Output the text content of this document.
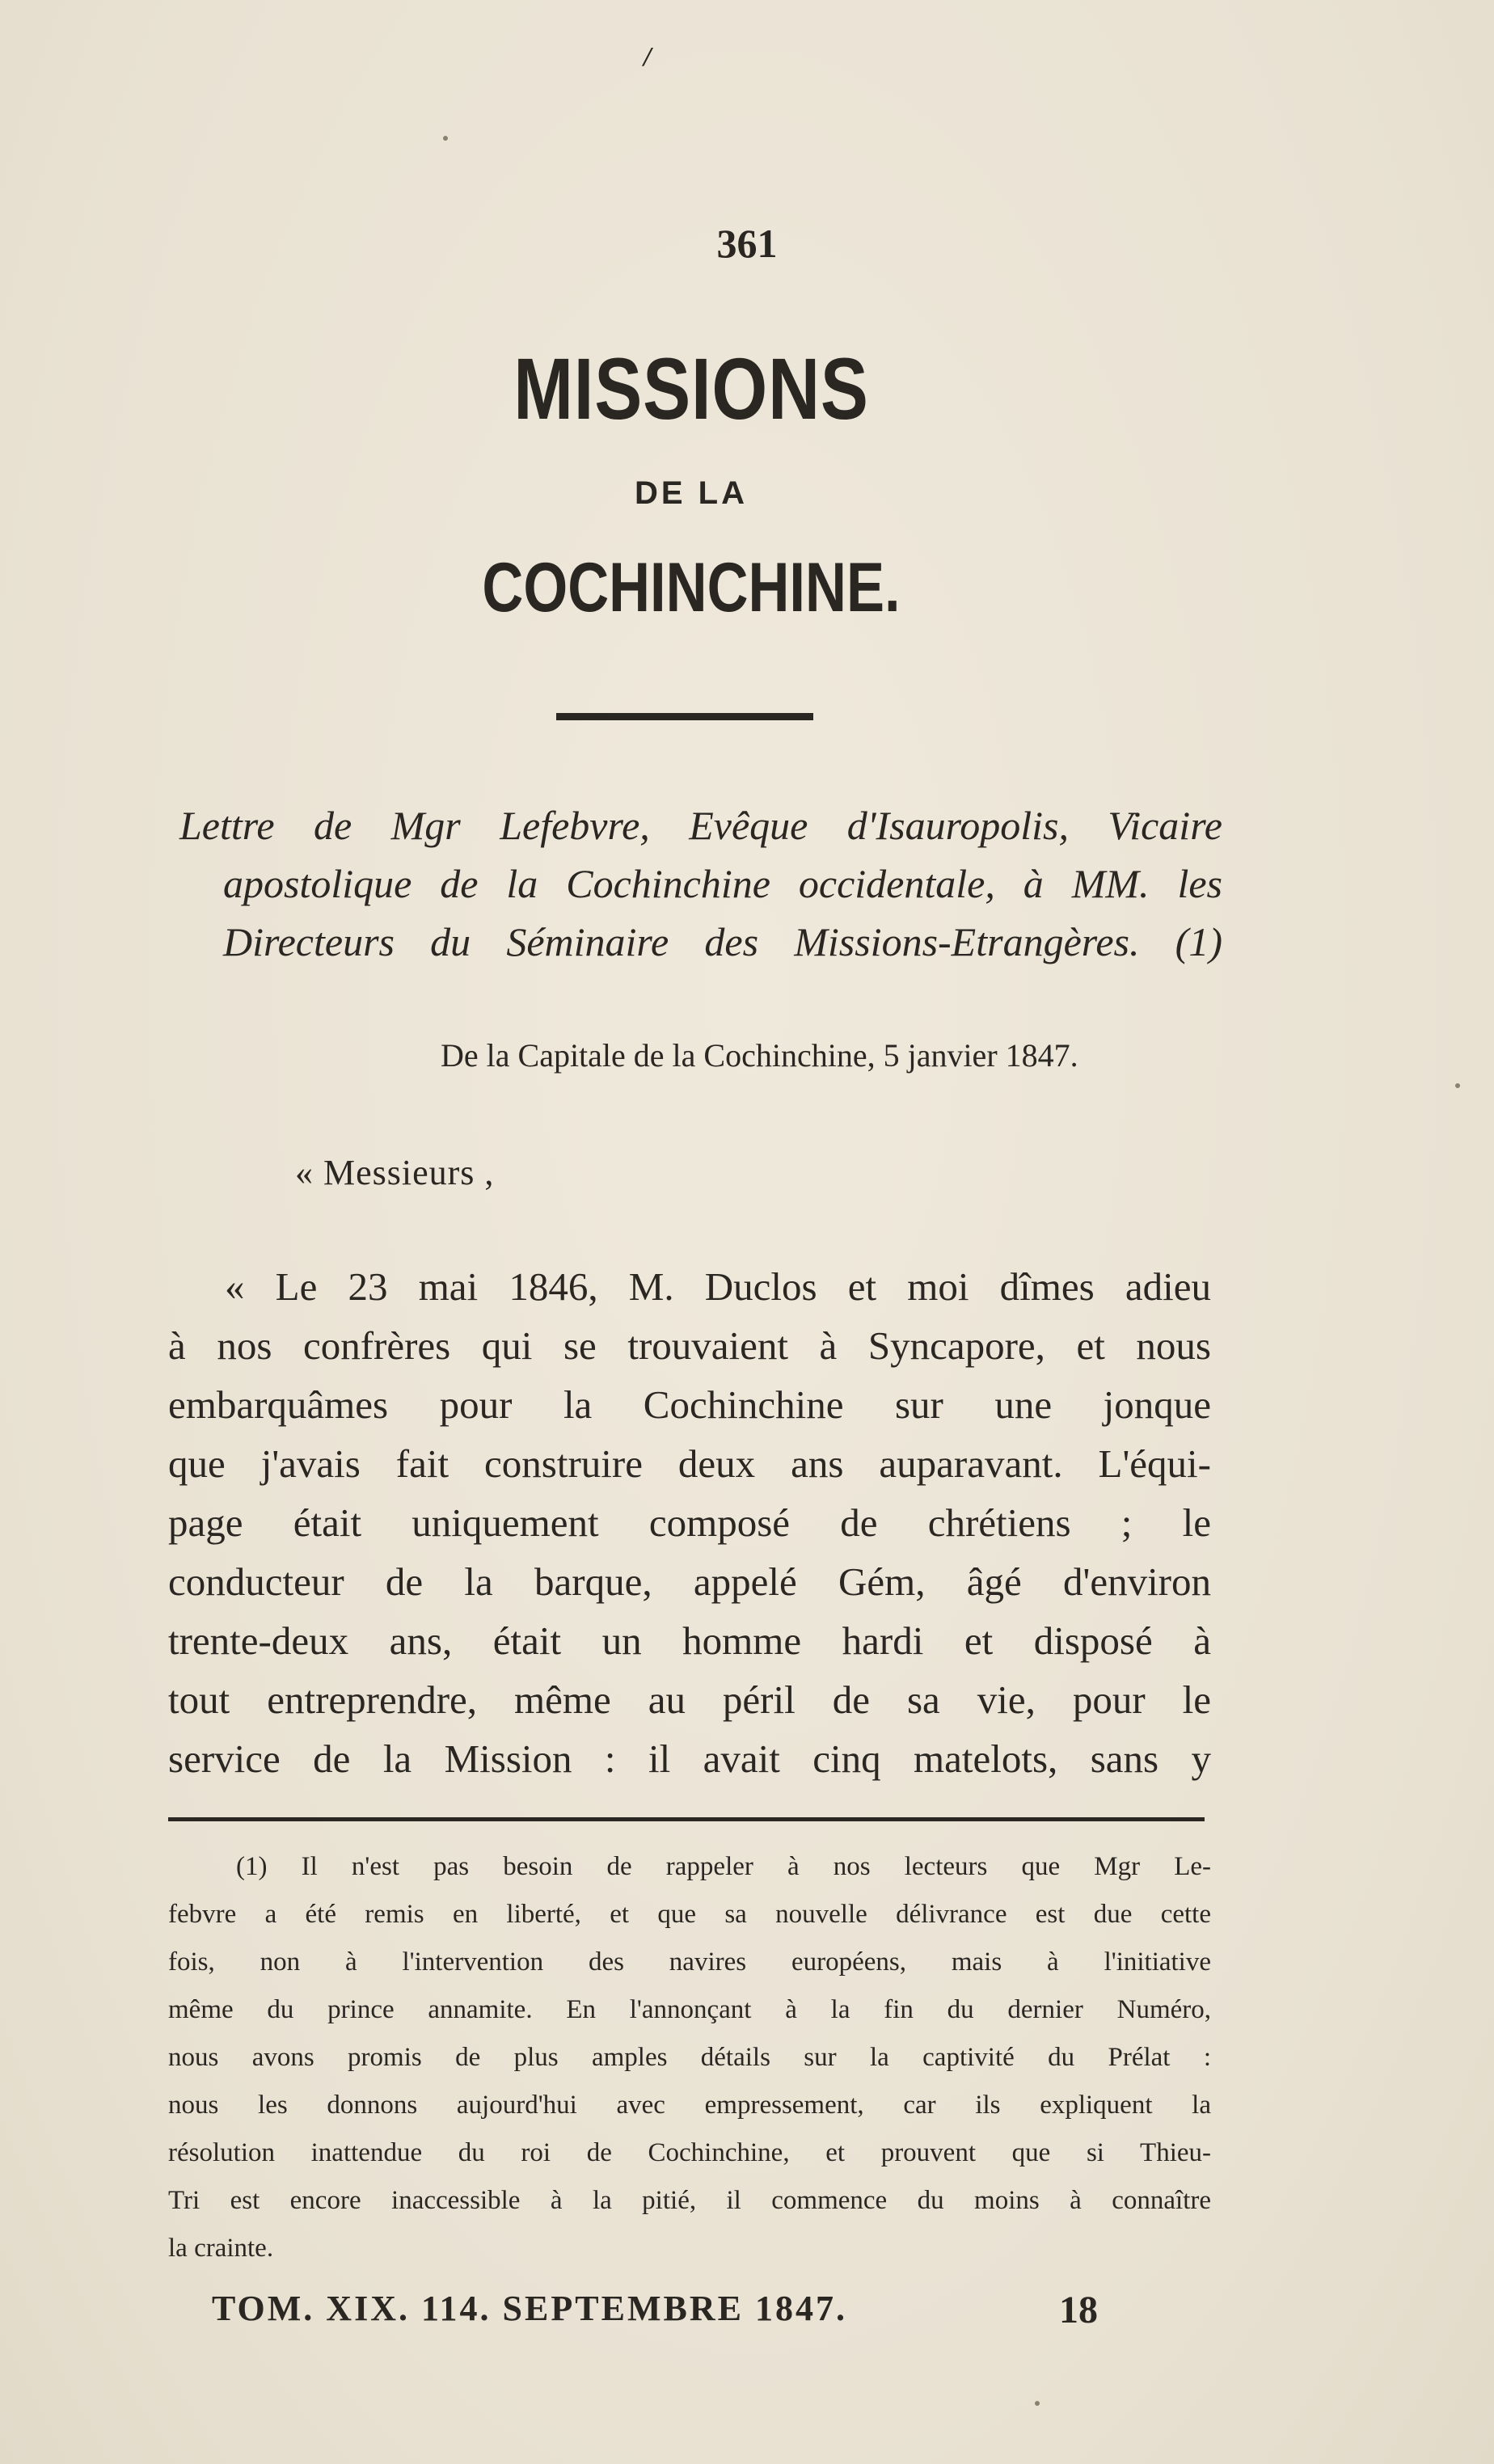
/
361
MISSIONS
DE LA
COCHINCHINE.
Lettre de Mgr Lefebvre, Evêque d'Isauropolis, Vicaire
apostolique de la Cochinchine occidentale, à MM. les
Directeurs du Séminaire des Missions-Etrangères. (1)
De la Capitale de la Cochinchine, 5 janvier 1847.
« Messieurs ,
« Le 23 mai 1846, M. Duclos et moi dîmes adieu
à nos confrères qui se trouvaient à Syncapore, et nous
embarquâmes pour la Cochinchine sur une jonque
que j'avais fait construire deux ans auparavant. L'équi-
page était uniquement composé de chrétiens ; le
conducteur de la barque, appelé Gém, âgé d'environ
trente-deux ans, était un homme hardi et disposé à
tout entreprendre, même au péril de sa vie, pour le
service de la Mission : il avait cinq matelots, sans y
(1) Il n'est pas besoin de rappeler à nos lecteurs que Mgr Le-
febvre a été remis en liberté, et que sa nouvelle délivrance est due cette
fois, non à l'intervention des navires européens, mais à l'initiative
même du prince annamite. En l'annonçant à la fin du dernier Numéro,
nous avons promis de plus amples détails sur la captivité du Prélat :
nous les donnons aujourd'hui avec empressement, car ils expliquent la
résolution inattendue du roi de Cochinchine, et prouvent que si Thieu-
Tri est encore inaccessible à la pitié, il commence du moins à connaître
la crainte.
TOM. XIX. 114. SEPTEMBRE 1847.	18
